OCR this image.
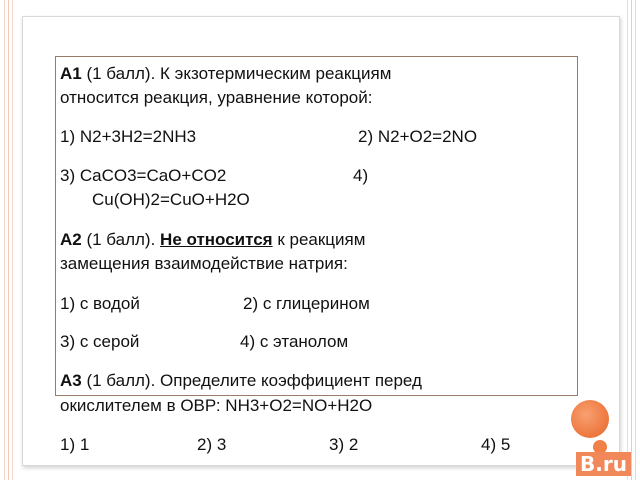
А1 (1 балл). К экзотермическим реакциям
относится реакция, уравнение которой:
1) N2+3H2=2NH3	2) N2+O2=2NO
3) CaCO3=CaO+CO2	4)
Cu(OH)2=CuO+H2O
А2 (1 балл). Не относится к реакциям
замещения взаимодействие натрия:
1) с водой	2) с глицерином
3) с серой	4) с этанолом
А3 (1 балл). Определите коэффициент перед
окислителем в ОВР: NH3+O2=NO+H2O
1) 1	2) 3	3) 2	4) 5
B.ru
